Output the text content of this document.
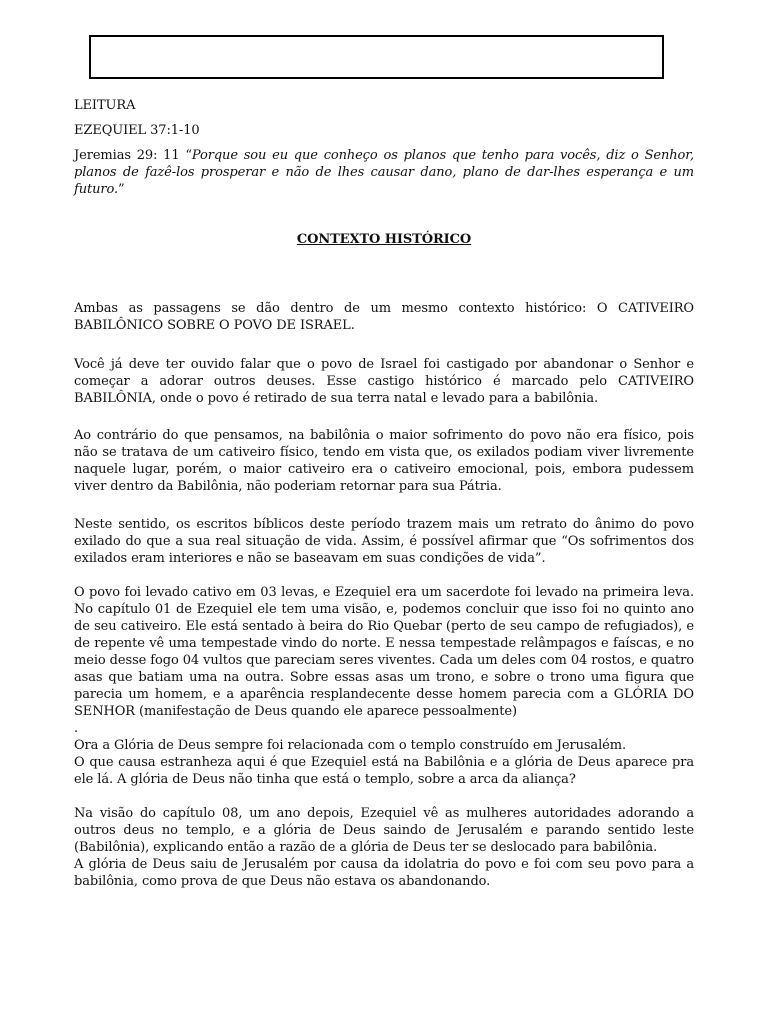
LEITURA

EZEQUIEL 37:1-10

Jeremias 29: 11 “Porque sou eu que conheço os planos que tenho para vocês, diz o Senhor, planos de fazê-los prosperar e não de lhes causar dano, plano de dar-lhes esperança e um futuro.”

CONTEXTO HISTÓRICO

Ambas as passagens se dão dentro de um mesmo contexto histórico: O CATIVEIRO BABILÔNICO SOBRE O POVO DE ISRAEL.

Você já deve ter ouvido falar que o povo de Israel foi castigado por abandonar o Senhor e começar a adorar outros deuses. Esse castigo histórico é marcado pelo CATIVEIRO BABILÔNIA, onde o povo é retirado de sua terra natal e levado para a babilônia.

Ao contrário do que pensamos, na babilônia o maior sofrimento do povo não era físico, pois não se tratava de um cativeiro físico, tendo em vista que, os exilados podiam viver livremente naquele lugar, porém, o maior cativeiro era o cativeiro emocional, pois, embora pudessem viver dentro da Babilônia, não poderiam retornar para sua Pátria.

Neste sentido, os escritos bíblicos deste período trazem mais um retrato do ânimo do povo exilado do que a sua real situação de vida. Assim, é possível afirmar que “Os sofrimentos dos exilados eram interiores e não se baseavam em suas condições de vida”.

O povo foi levado cativo em 03 levas, e Ezequiel era um sacerdote foi levado na primeira leva. No capítulo 01 de Ezequiel ele tem uma visão, e, podemos concluir que isso foi no quinto ano de seu cativeiro. Ele está sentado à beira do Rio Quebar (perto de seu campo de refugiados), e de repente vê uma tempestade vindo do norte. E nessa tempestade relâmpagos e faíscas, e no meio desse fogo 04 vultos que pareciam seres viventes. Cada um deles com 04 rostos, e quatro asas que batiam uma na outra. Sobre essas asas um trono, e sobre o trono uma figura que parecia um homem, e a aparência resplandecente desse homem parecia com a GLÓRIA DO SENHOR (manifestação de Deus quando ele aparece pessoalmente)

.

Ora a Glória de Deus sempre foi relacionada com o templo construído em Jerusalém.

O que causa estranheza aqui é que Ezequiel está na Babilônia e a glória de Deus aparece pra ele lá. A glória de Deus não tinha que está o templo, sobre a arca da aliança?

Na visão do capítulo 08, um ano depois, Ezequiel vê as mulheres autoridades adorando a outros deus no templo, e a glória de Deus saindo de Jerusalém e parando sentido leste (Babilônia), explicando então a razão de a glória de Deus ter se deslocado para babilônia.

A glória de Deus saiu de Jerusalém por causa da idolatria do povo e foi com seu povo para a babilônia, como prova de que Deus não estava os abandonando.
